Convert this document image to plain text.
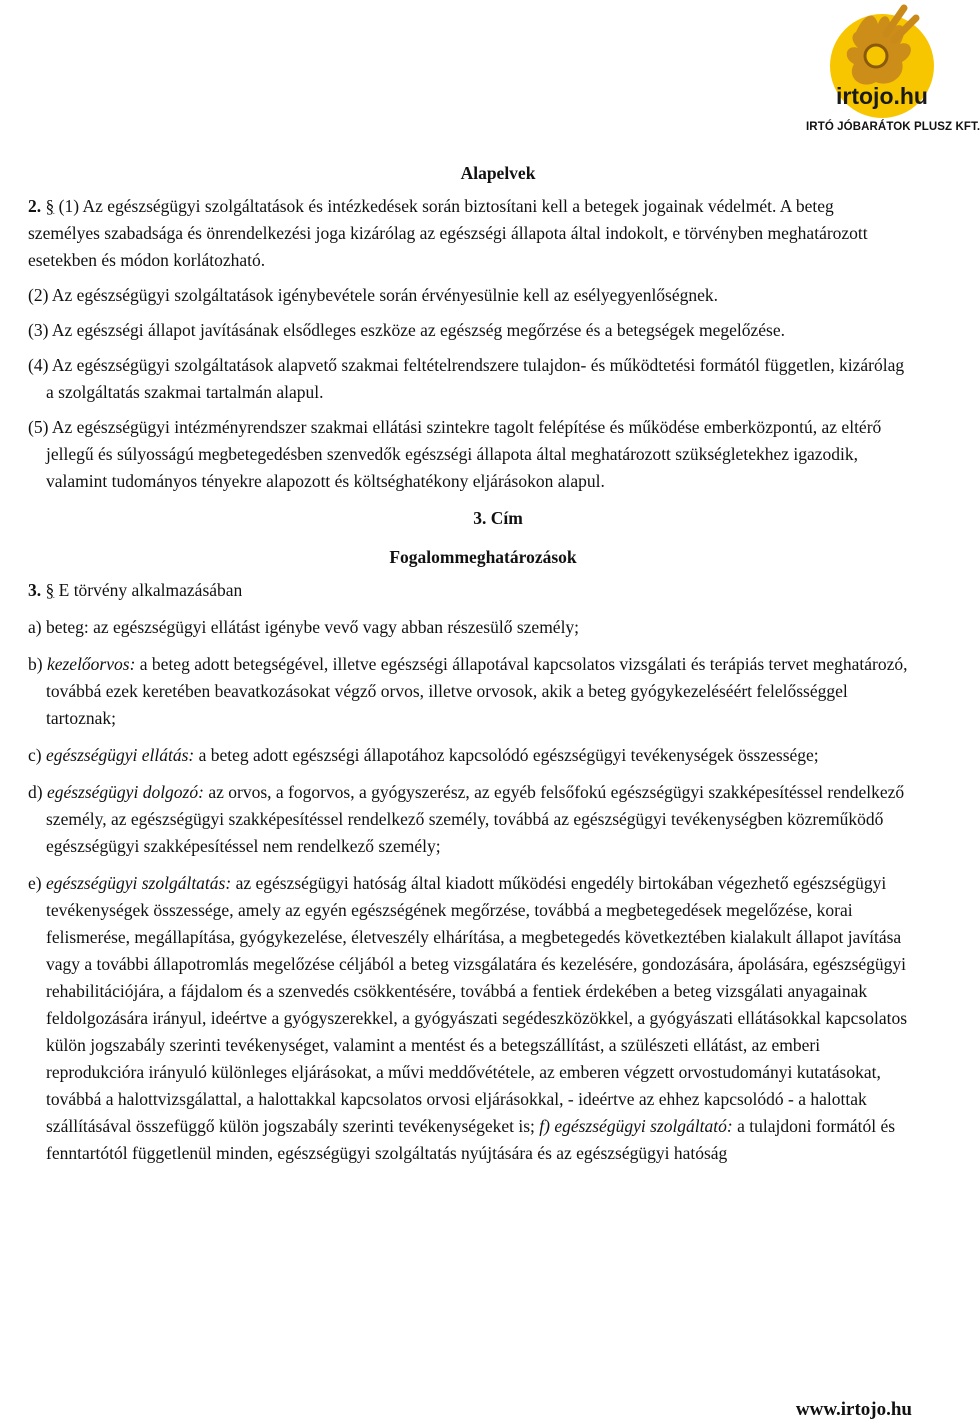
irtojo.hu
IRTÓ JÓBARÁTOK PLUSZ KFT.
Alapelvek

2. § (1) Az egészségügyi szolgáltatások és intézkedések során biztosítani kell a betegek jogainak védelmét. A beteg személyes szabadsága és önrendelkezési joga kizárólag az egészségi állapota által indokolt, e törvényben meghatározott esetekben és módon korlátozható.

(2) Az egészségügyi szolgáltatások igénybevétele során érvényesülnie kell az esélyegyenlőségnek.

(3) Az egészségi állapot javításának elsődleges eszköze az egészség megőrzése és a betegségek megelőzése.

(4) Az egészségügyi szolgáltatások alapvető szakmai feltételrendszere tulajdon- és működtetési formától független, kizárólag a szolgáltatás szakmai tartalmán alapul.

(5) Az egészségügyi intézményrendszer szakmai ellátási szintekre tagolt felépítése és működése emberközpontú, az eltérő jellegű és súlyosságú megbetegedésben szenvedők egészségi állapota által meghatározott szükségletekhez igazodik, valamint tudományos tényekre alapozott és költséghatékony eljárásokon alapul.

3. Cím
Fogalommeghatározások

3. § E törvény alkalmazásában

a) beteg: az egészségügyi ellátást igénybe vevő vagy abban részesülő személy;

b) kezelőorvos: a beteg adott betegségével, illetve egészségi állapotával kapcsolatos vizsgálati és terápiás tervet meghatározó, továbbá ezek keretében beavatkozásokat végző orvos, illetve orvosok, akik a beteg gyógykezeléséért felelősséggel tartoznak;

c) egészségügyi ellátás: a beteg adott egészségi állapotához kapcsolódó egészségügyi tevékenységek összessége;

d) egészségügyi dolgozó: az orvos, a fogorvos, a gyógyszerész, az egyéb felsőfokú egészségügyi szakképesítéssel rendelkező személy, az egészségügyi szakképesítéssel rendelkező személy, továbbá az egészségügyi tevékenységben közreműködő egészségügyi szakképesítéssel nem rendelkező személy;

e) egészségügyi szolgáltatás: az egészségügyi hatóság által kiadott működési engedély birtokában végezhető egészségügyi tevékenységek összessége, amely az egyén egészségének megőrzése, továbbá a megbetegedések megelőzése, korai felismerése, megállapítása, gyógykezelése, életveszély elhárítása, a megbetegedés következtében kialakult állapot javítása vagy a további állapotromlás megelőzése céljából a beteg vizsgálatára és kezelésére, gondozására, ápolására, egészségügyi rehabilitációjára, a fájdalom és a szenvedés csökkentésére, továbbá a fentiek érdekében a beteg vizsgálati anyagainak feldolgozására irányul, ideértve a gyógyszerekkel, a gyógyászati segédeszközökkel, a gyógyászati ellátásokkal kapcsolatos külön jogszabály szerinti tevékenységet, valamint a mentést és a betegszállítást, a szülészeti ellátást, az emberi reprodukcióra irányuló különleges eljárásokat, a művi meddővététele, az emberen végzett orvostudományi kutatásokat, továbbá a halottvizsgálattal, a halottakkal kapcsolatos orvosi eljárásokkal, - ideértve az ehhez kapcsolódó - a halottak szállításával összefüggő külön jogszabály szerinti tevékenységeket is; f) egészségügyi szolgáltató: a tulajdoni formától és fenntartótól függetlenül minden, egészségügyi szolgáltatás nyújtására és az egészségügyi hatóság

www.irtojo.hu
